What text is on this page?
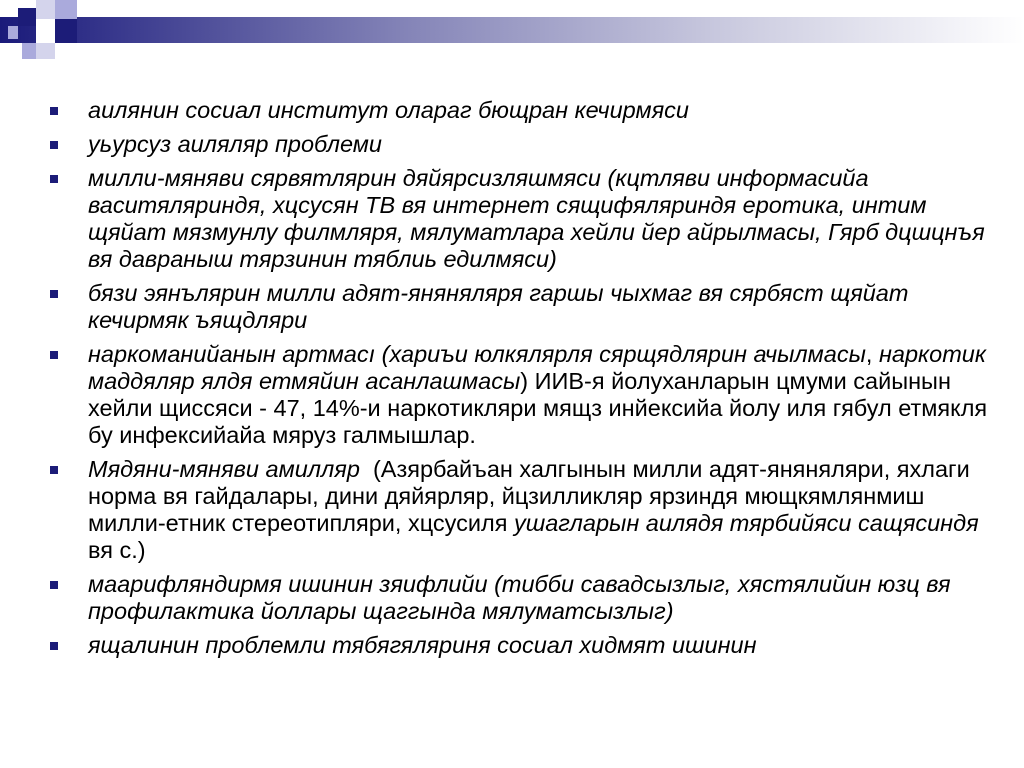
аилянин сосиал институт олараг бющран кечирмяси
уьурсуз аиляляр проблеми
милли-мяняви сярвятлярин дяйярсизляшмяси (кцтляви информасийа васитяляриндя, хцсусян ТВ вя интернет сящифяляриндя еротика, интим щяйат мязмунлу филмляря, мялуматлара хейли йер айрылмасы, Гярб дцшцнъя вя давраныш тярзинин тяблиь едилмяси)
бязи эянълярин милли адят-яняняляря гаршы чыхмаг вя сярбяст щяйат кечирмяк ъящдляри
наркоманийанын артмасı (хариъи юлкялярля сярщядлярин ачылмасы, наркотик маддяляр ялдя етмяйин асанлашмасы) ИИВ-я йолуханларын цмуми сайынын хейли щиссяси - 47, 14%-и наркотикляри мящз инйексийа йолу иля гябул етмякля бу инфексийайа мяруз галмышлар.
Мядяни-мяняви амилляр  (Азярбайъан халгынын милли адят-яняняляри, яхлаги норма вя гайдалары, дини дяйярляр, йцзилликляр ярзиндя мющкямлянмиш милли-етник стереотипляри, хцсусиля ушагларын аилядя тярбийяси сащясиндя вя с.)
маарифляндирмя ишинин зяифлийи (тибби савадсызлыг, хястялийин юзц вя профилактика йоллары щаггында мялуматсызлыг)
ящалинин проблемли тябягяляриня сосиал хидмят ишинин
